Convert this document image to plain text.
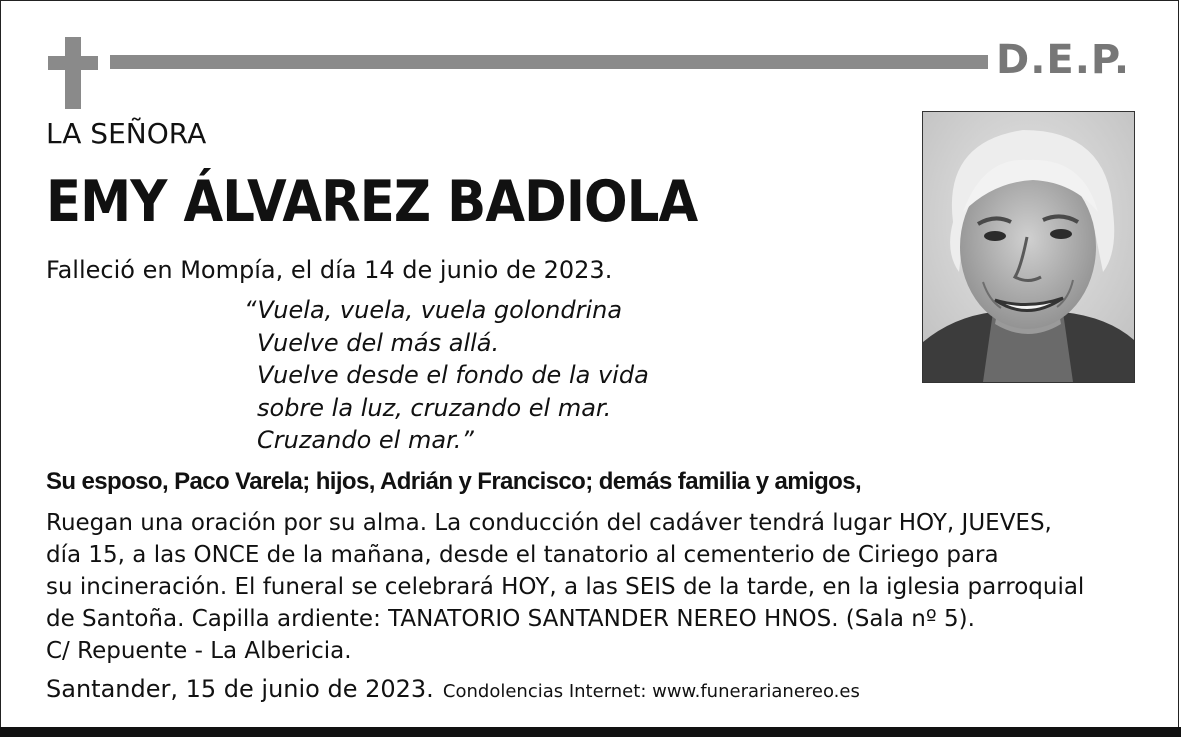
D.E.P.
LA SEÑORA
EMY ÁLVAREZ BADIOLA
Falleció en Mompía, el día 14 de junio de 2023.
“Vuela, vuela, vuela golondrina
Vuelve del más allá.
Vuelve desde el fondo de la vida
sobre la luz, cruzando el mar.
Cruzando el mar.”
Su esposo, Paco Varela; hijos, Adrián y Francisco; demás familia y amigos,
Ruegan una oración por su alma. La conducción del cadáver tendrá lugar HOY, JUEVES,
día 15, a las ONCE de la mañana, desde el tanatorio al cementerio de Ciriego para
su incineración. El funeral se celebrará HOY, a las SEIS de la tarde, en la iglesia parroquial
de Santoña. Capilla ardiente: TANATORIO SANTANDER NEREO HNOS. (Sala nº 5).
C/ Repuente - La Albericia.
Santander, 15 de junio de 2023. Condolencias Internet: www.funerarianereo.es
